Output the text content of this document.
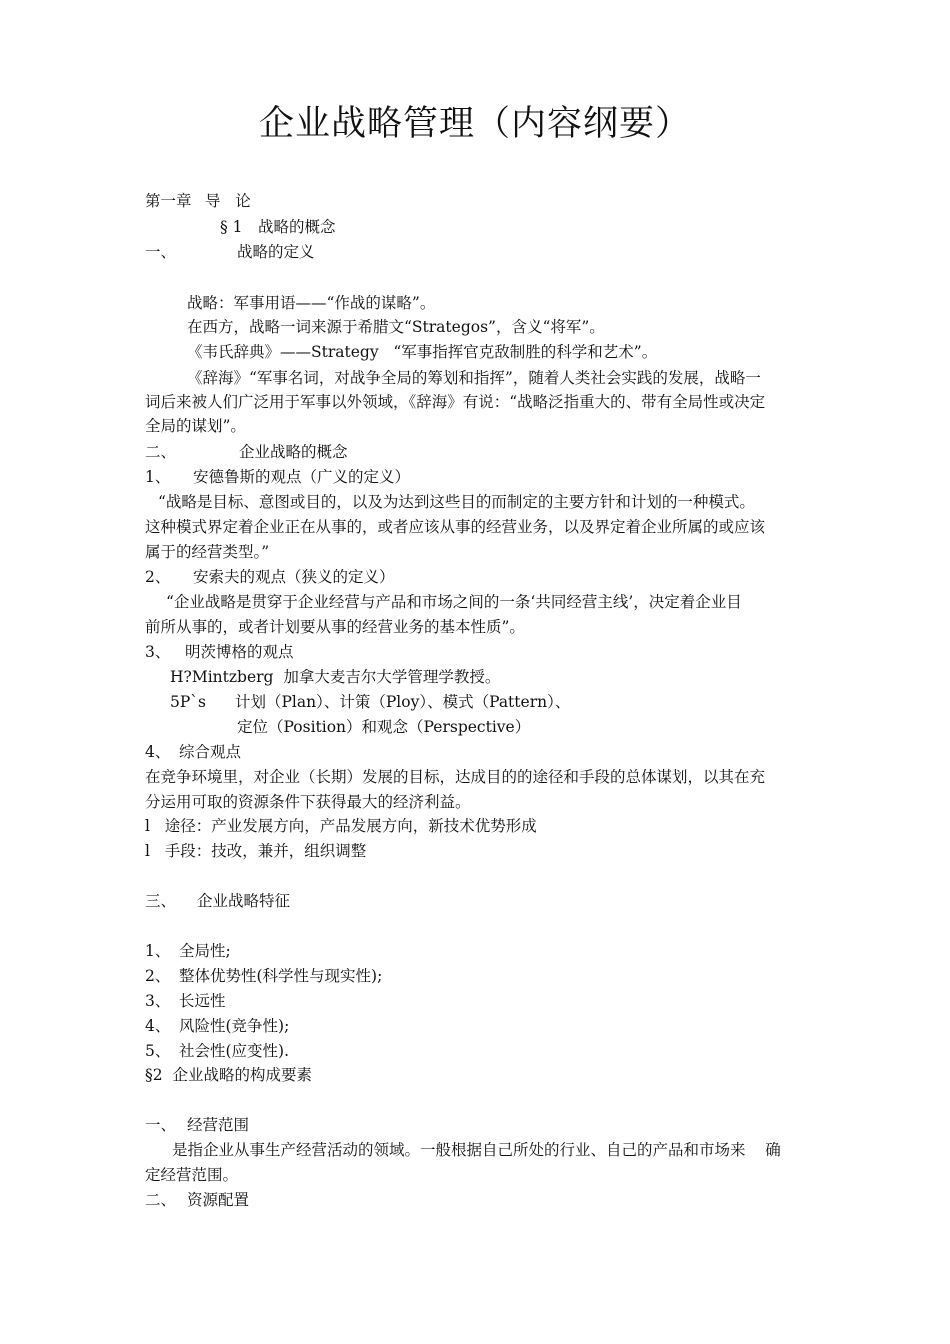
企业战略管理（内容纲要）
第一章 导   论
§ 1 战略的概念
一、	战略的定义
战略：军事用语——“作战的谋略”。
在西方，战略一词来源于希腊文“Strategos”，含义“将军”。
《韦氏辞典》——Strategy   “军事指挥官克敌制胜的科学和艺术”。
《辞海》“军事名词，对战争全局的筹划和指挥”，随着人类社会实践的发展，战略一
词后来被人们广泛用于军事以外领域，《辞海》有说：“战略泛指重大的、带有全局性或决定
全局的谋划”。
二、	企业战略的概念
1、 安德鲁斯的观点（广义的定义）
“战略是目标、意图或目的，以及为达到这些目的而制定的主要方针和计划的一种模式。
这种模式界定着企业正在从事的，或者应该从事的经营业务，以及界定着企业所属的或应该
属于的经营类型。”
2、 安索夫的观点（狭义的定义）
“企业战略是贯穿于企业经营与产品和市场之间的一条‘共同经营主线’，决定着企业目
前所从事的，或者计划要从事的经营业务的基本性质”。
3、 明茨博格的观点
H?Mintzberg  加拿大麦吉尔大学管理学教授。
5P`s 计划（Plan）、计策（Ploy）、模式（Pattern）、
定位（Position）和观念（Perspective）
4、 综合观点
在竞争环境里，对企业（长期）发展的目标，达成目的的途径和手段的总体谋划，以其在充
分运用可取的资源条件下获得最大的经济利益。
l   途径：产业发展方向，产品发展方向，新技术优势形成
l   手段：技改，兼并，组织调整
三、 企业战略特征
1、 全局性;
2、 整体优势性(科学性与现实性);
3、 长远性
4、 风险性(竞争性);
5、 社会性(应变性).
§2  企业战略的构成要素
一、 经营范围
是指企业从事生产经营活动的领域。一般根据自己所处的行业、自己的产品和市场来    确
定经营范围。
二、 资源配置
